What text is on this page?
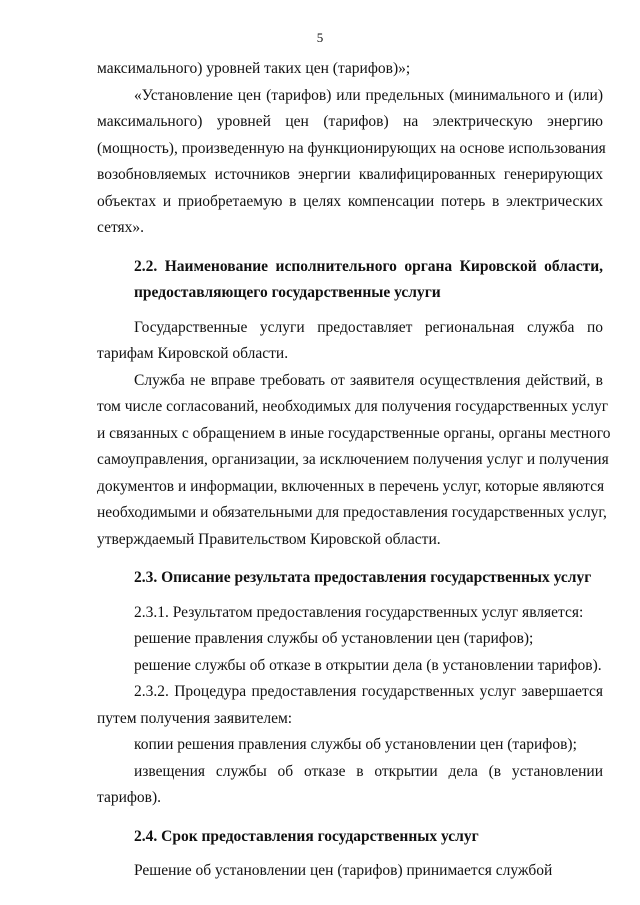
5
максимального) уровней таких цен (тарифов)»;
«Установление цен (тарифов) или предельных (минимального и (или)
максимального) уровней цен (тарифов) на электрическую энергию
(мощность), произведенную на функционирующих на основе использования
возобновляемых источников энергии квалифицированных генерирующих
объектах и приобретаемую в целях компенсации потерь в электрических
сетях».
2.2. Наименование исполнительного органа Кировской области,
предоставляющего государственные услуги
Государственные услуги предоставляет региональная служба по
тарифам Кировской области.
Служба не вправе требовать от заявителя осуществления действий, в
том числе согласований, необходимых для получения государственных услуг
и связанных с обращением в иные государственные органы, органы местного
самоуправления, организации, за исключением получения услуг и получения
документов и информации, включенных в перечень услуг, которые являются
необходимыми и обязательными для предоставления государственных услуг,
утверждаемый Правительством Кировской области.
2.3. Описание результата предоставления государственных услуг
2.3.1. Результатом предоставления государственных услуг является:
решение правления службы об установлении цен (тарифов);
решение службы об отказе в открытии дела (в установлении тарифов).
2.3.2. Процедура предоставления государственных услуг завершается
путем получения заявителем:
копии решения правления службы об установлении цен (тарифов);
извещения службы об отказе в открытии дела (в установлении
тарифов).
2.4. Срок предоставления государственных услуг
Решение об установлении цен (тарифов) принимается службой
